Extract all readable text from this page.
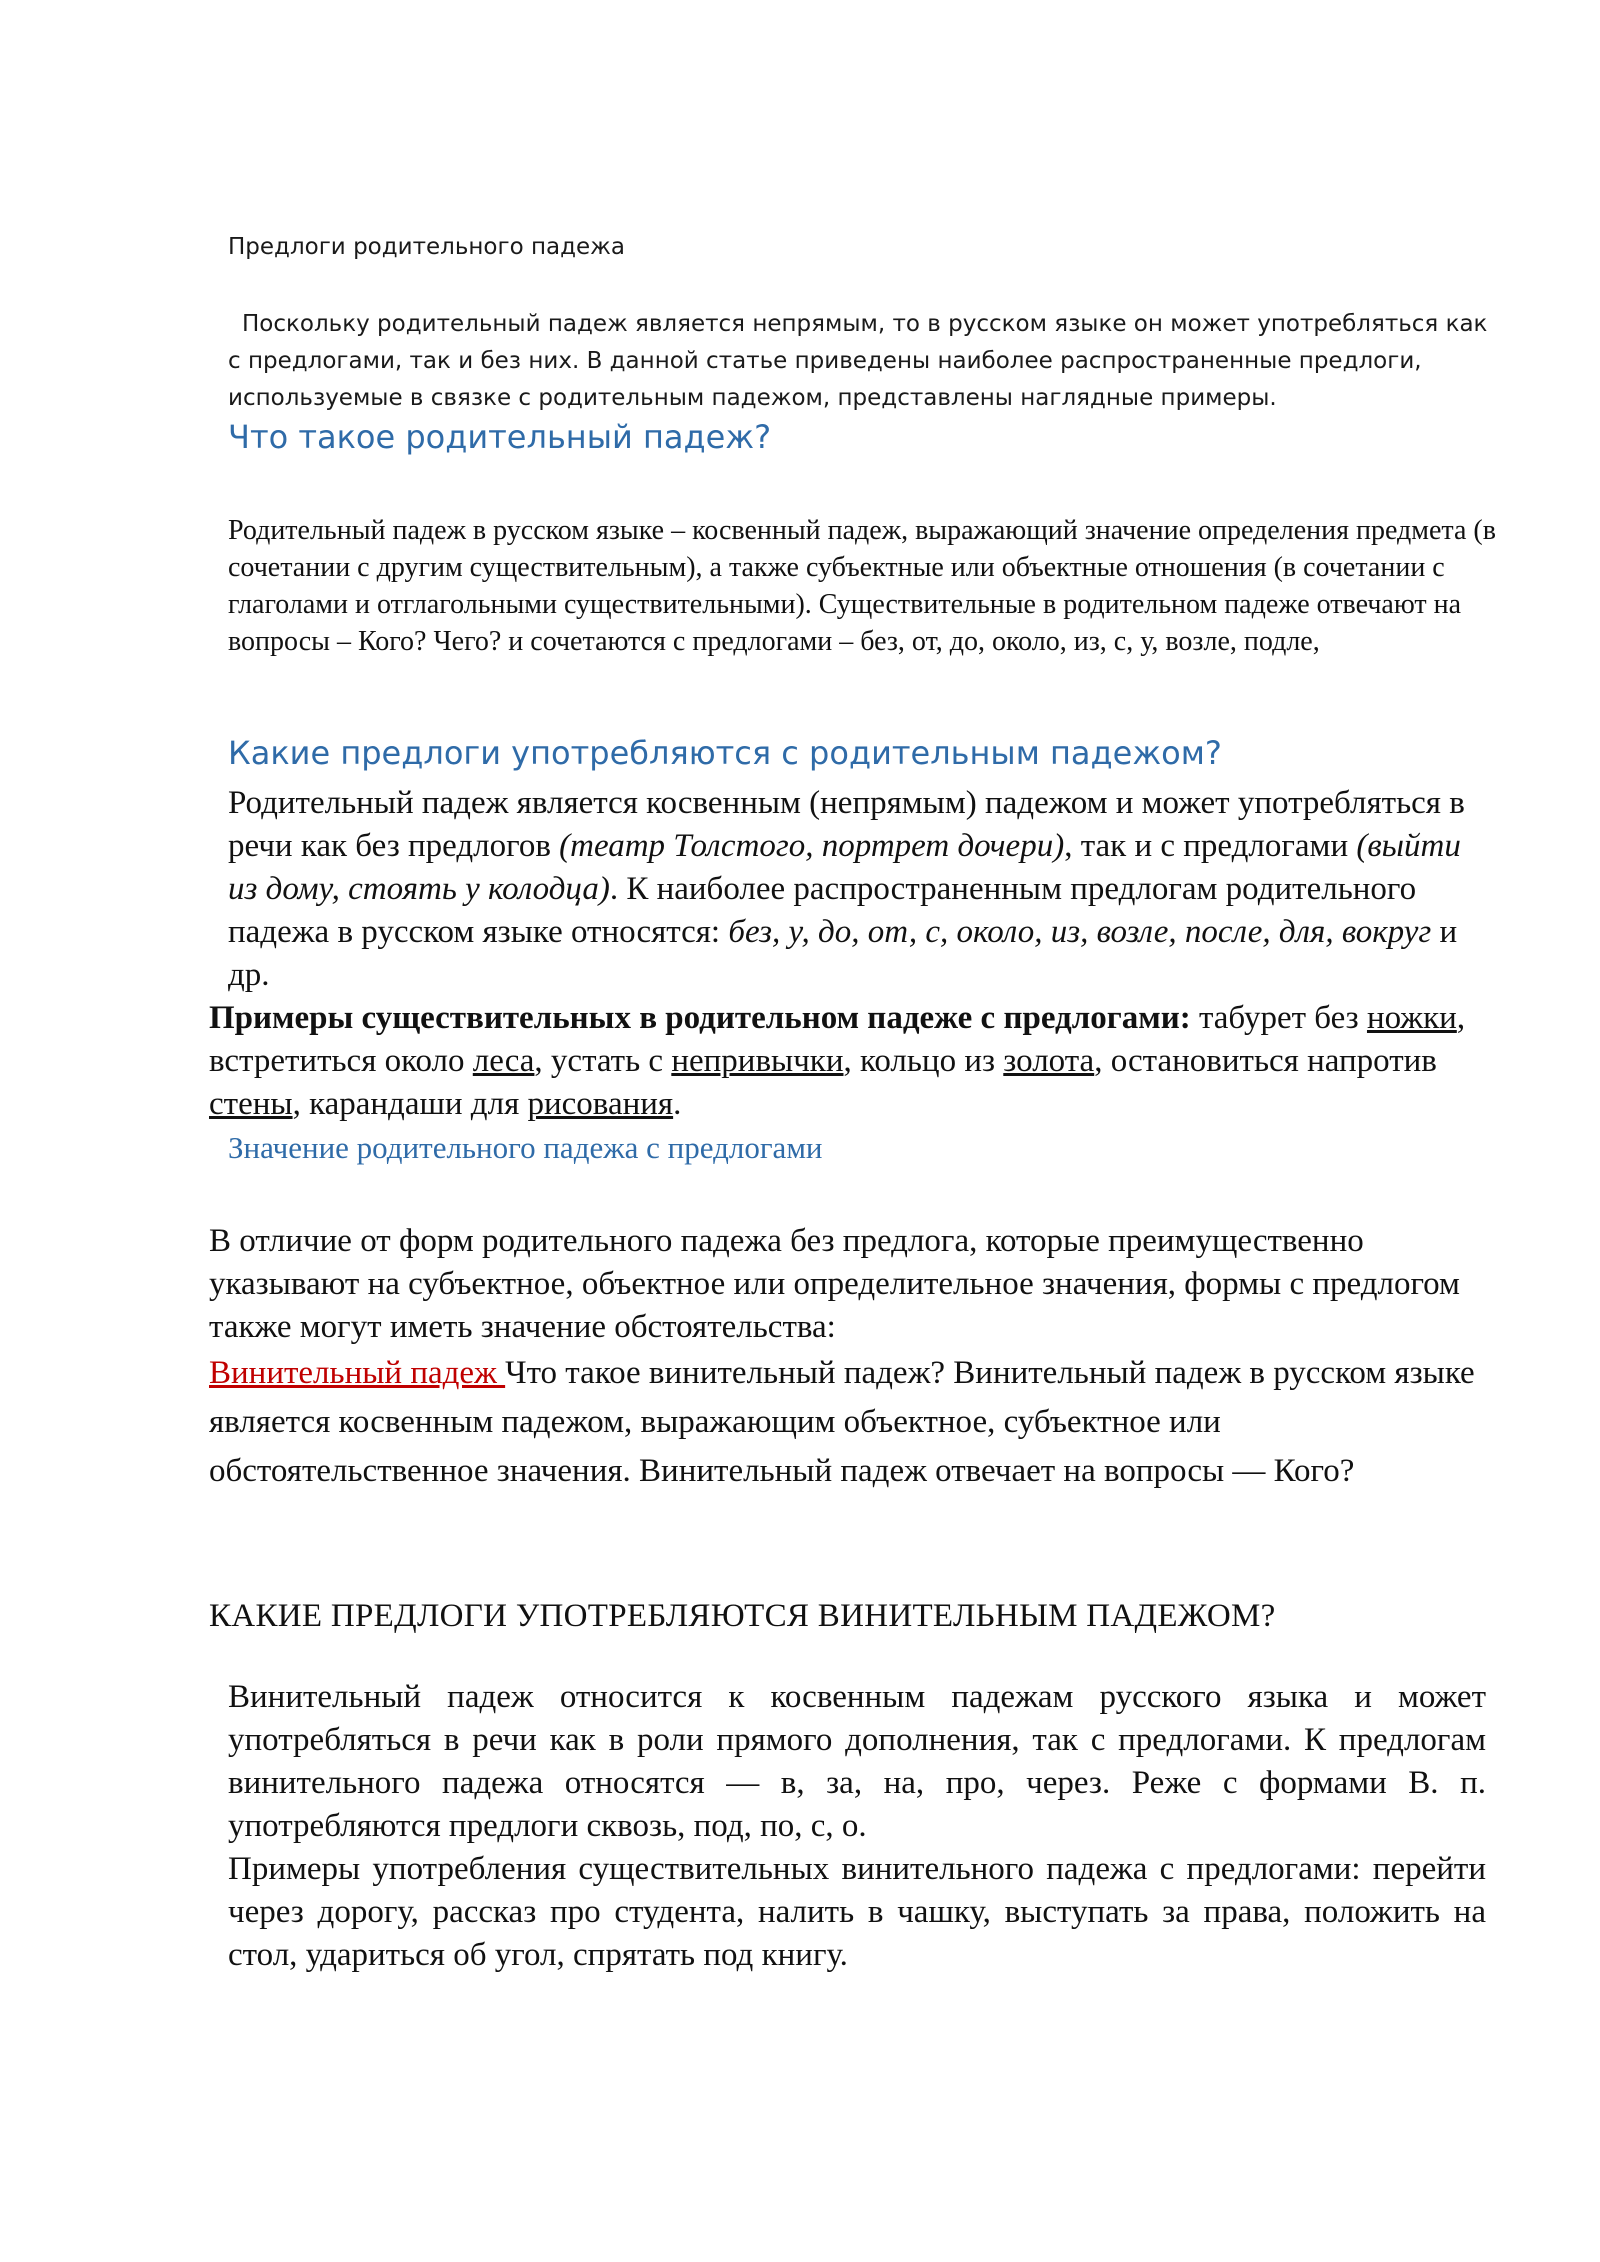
Предлоги родительного падежа
Поскольку родительный падеж является непрямым, то в русском языке он может употребляться как с предлогами, так и без них. В данной статье приведены наиболее распространенные предлоги, используемые в связке с родительным падежом, представлены наглядные примеры.
Что такое родительный падеж?
Родительный падеж в русском языке – косвенный падеж, выражающий значение определения предмета (в сочетании с другим существительным), а также субъектные или объектные отношения (в сочетании с глаголами и отглагольными существительными). Существительные в родительном падеже отвечают на вопросы – Кого? Чего? и сочетаются с предлогами – без, от, до, около, из, с, у, возле, подле,
Какие предлоги употребляются с родительным падежом?
Родительный падеж является косвенным (непрямым) падежом и может употребляться в речи как без предлогов (театр Толстого, портрет дочери), так и с предлогами (выйти из дому, стоять у колодца). К наиболее распространенным предлогам родительного падежа в русском языке относятся: без, у, до, от, с, около, из, возле, после, для, вокруг и др.
Примеры существительных в родительном падеже с предлогами: табурет без ножки, встретиться около леса, устать с непривычки, кольцо из золота, остановиться напротив стены, карандаши для рисования.
Значение родительного падежа с предлогами
В отличие от форм родительного падежа без предлога, которые преимущественно указывают на субъектное, объектное или определительное значения, формы с предлогом также могут иметь значение обстоятельства:
Винительный падеж Что такое винительный падеж? Винительный падеж в русском языке является косвенным падежом, выражающим объектное, субъектное или обстоятельственное значения. Винительный падеж отвечает на вопросы — Кого?
КАКИЕ ПРЕДЛОГИ УПОТРЕБЛЯЮТСЯ ВИНИТЕЛЬНЫМ ПАДЕЖОМ?
Винительный падеж относится к косвенным падежам русского языка и может употребляться в речи как в роли прямого дополнения, так с предлогами. К предлогам винительного падежа относятся — в, за, на, про, через. Реже с формами В. п. употребляются предлоги сквозь, под, по, с, о.
Примеры употребления существительных винительного падежа с предлогами: перейти через дорогу, рассказ про студента, налить в чашку, выступать за права, положить на стол, удариться об угол, спрятать под книгу.
